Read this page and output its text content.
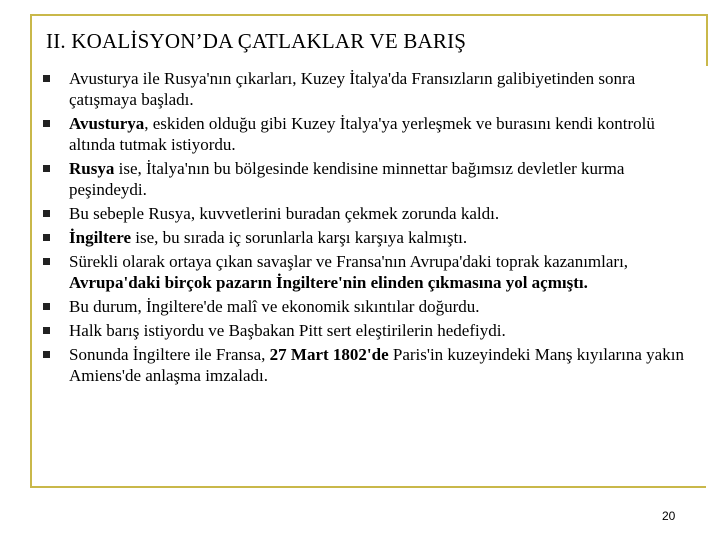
II. KOALİSYON’DA ÇATLAKLAR VE BARIŞ
Avusturya ile Rusya'nın çıkarları, Kuzey İtalya'da Fransızların galibiyetinden sonra çatışmaya başladı.
Avusturya, eskiden olduğu gibi Kuzey İtalya'ya yerleşmek ve burasını kendi kontrolü altında tutmak istiyordu.
Rusya ise, İtalya'nın bu bölgesinde kendisine minnettar bağımsız devletler kurma peşindeydi.
Bu sebeple Rusya, kuvvetlerini buradan çekmek zorunda kaldı.
İngiltere ise, bu sırada iç sorunlarla karşı karşıya kalmıştı.
Sürekli olarak ortaya çıkan savaşlar ve Fransa'nın Avrupa'daki toprak kazanımları, Avrupa'daki birçok pazarın İngiltere'nin elinden çıkmasına yol açmıştı.
Bu durum, İngiltere'de malî ve ekonomik sıkıntılar doğurdu.
Halk barış istiyordu ve Başbakan Pitt sert eleştirilerin hedefiydi.
Sonunda İngiltere ile Fransa, 27 Mart 1802'de Paris'in kuzeyindeki Manş kıyılarına yakın Amiens'de anlaşma imzaladı.
20
